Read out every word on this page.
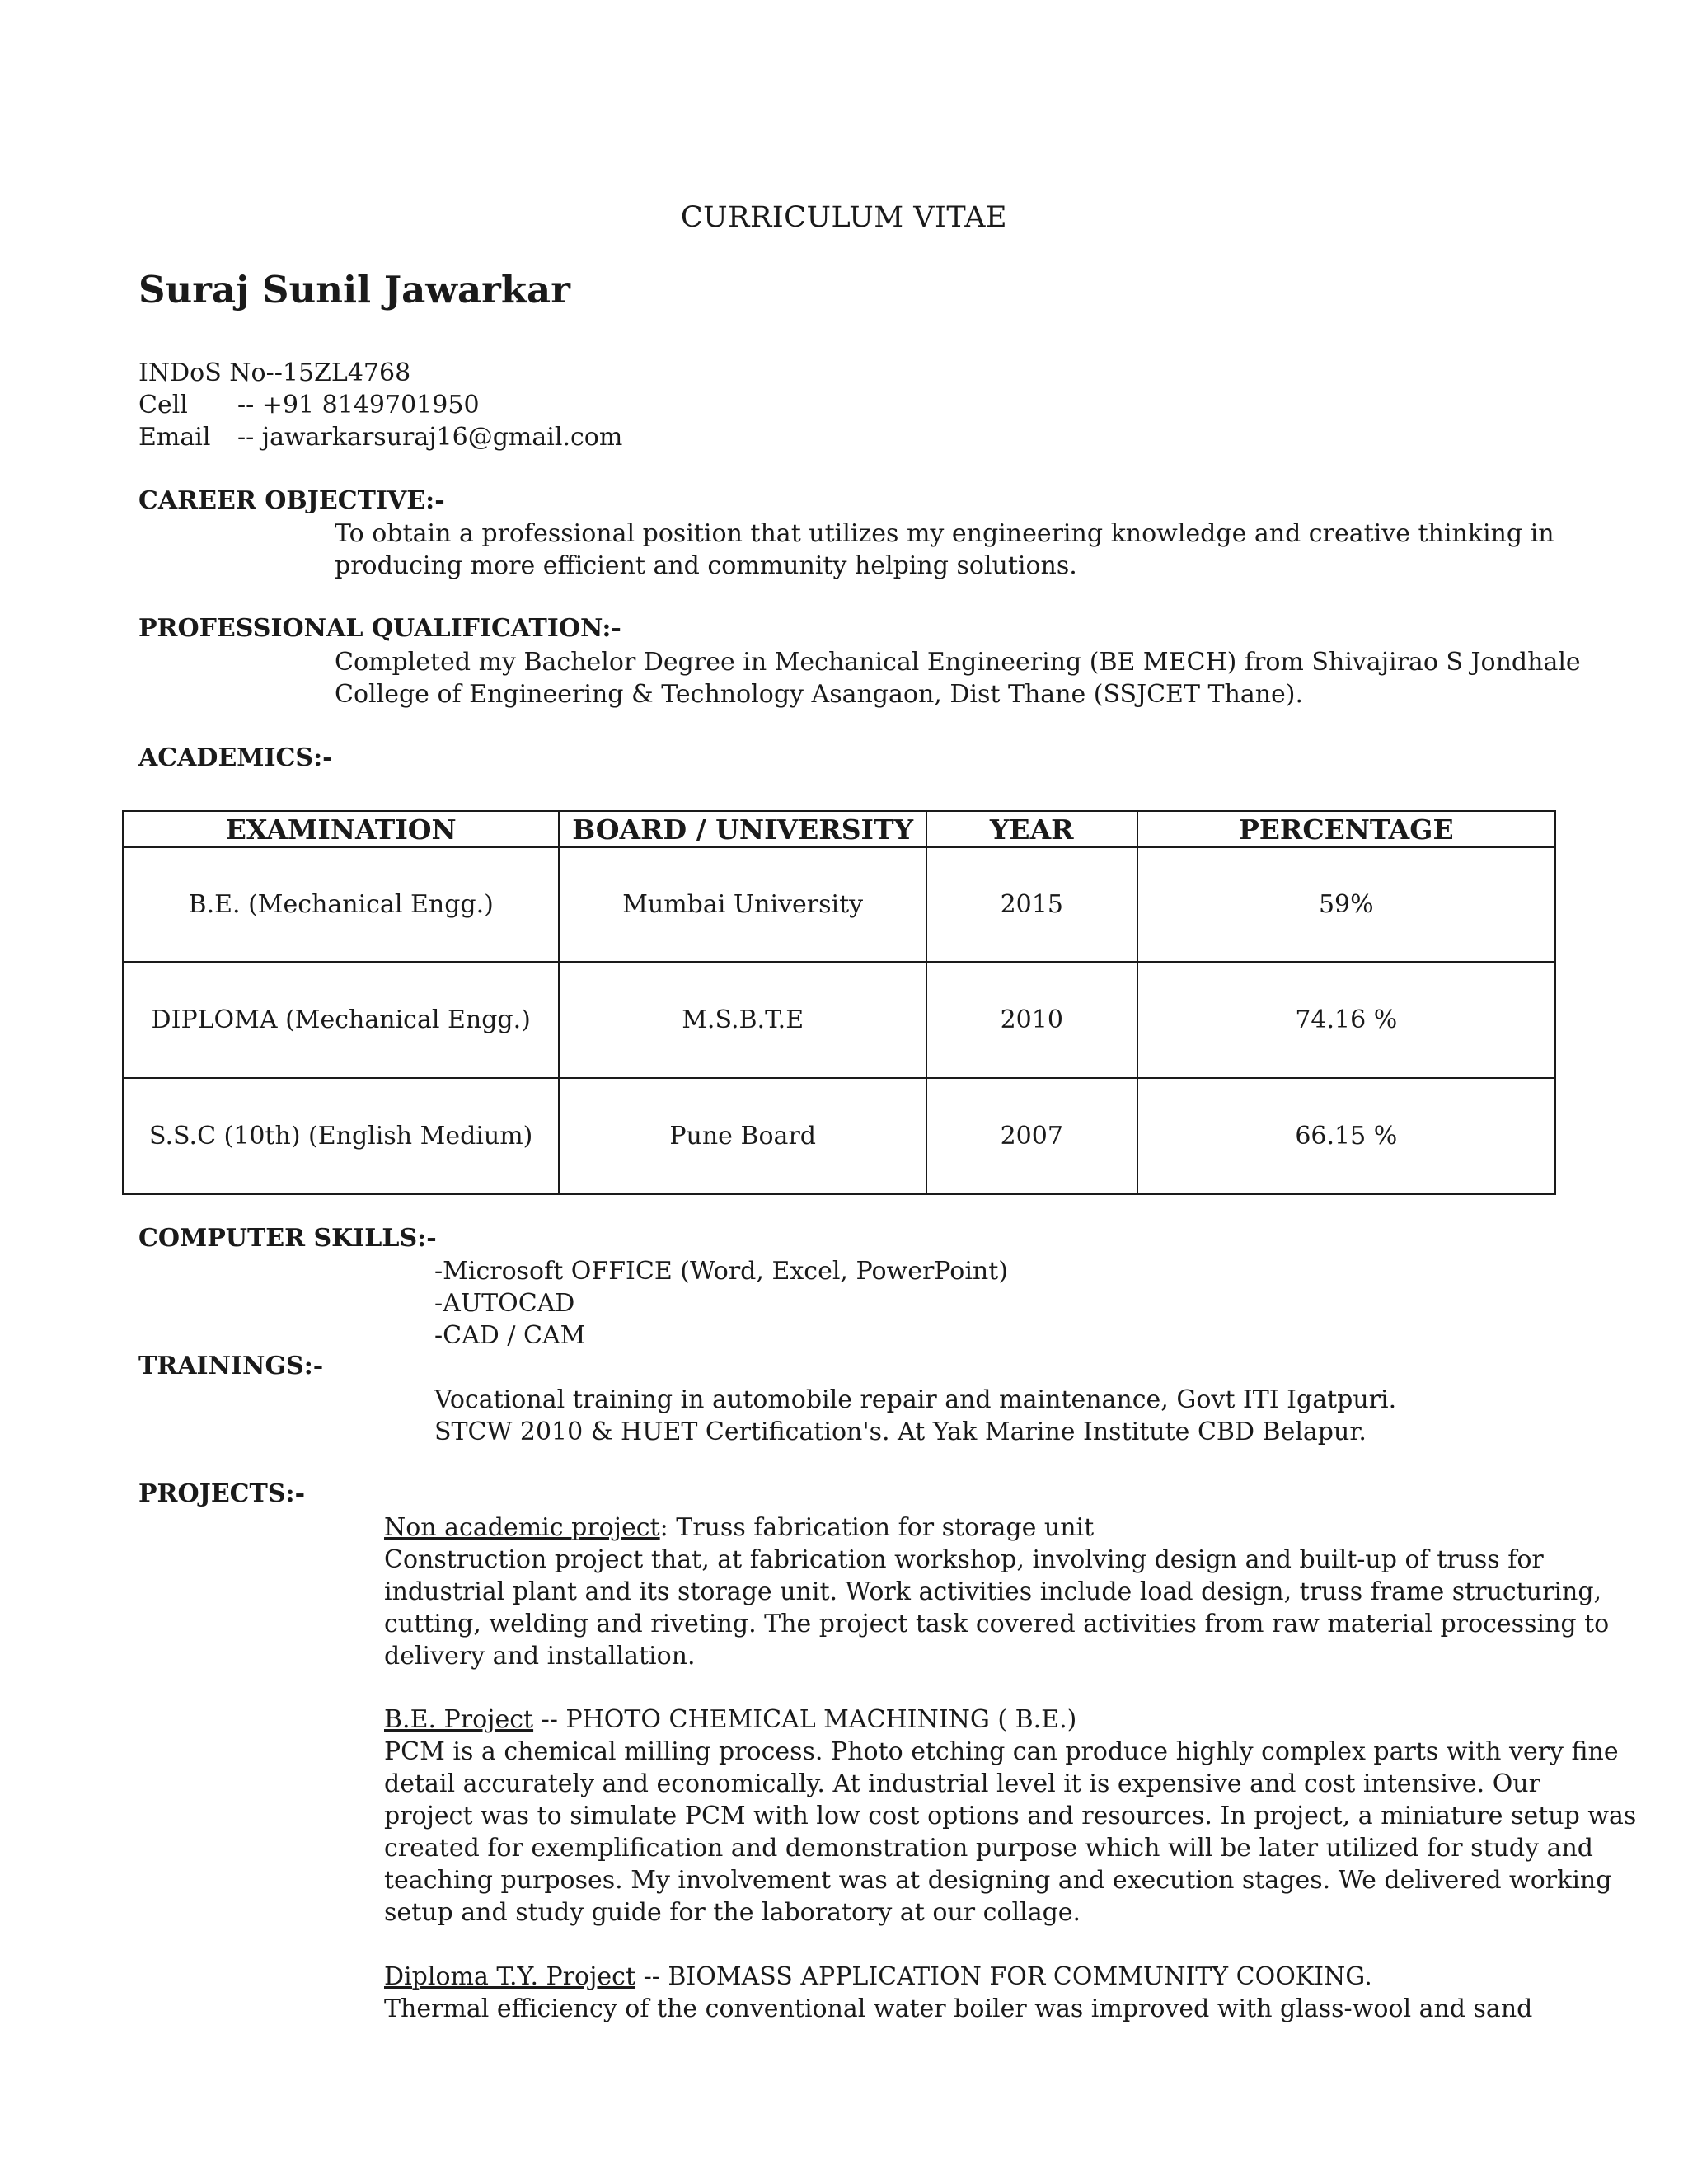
CURRICULUM VITAE
Suraj Sunil Jawarkar
INDoS No--15ZL4768
Cell -- +91 8149701950
Email -- jawarkarsuraj16@gmail.com
CAREER OBJECTIVE:-
To obtain a professional position that utilizes my engineering knowledge and creative thinking in
producing more efficient and community helping solutions.
PROFESSIONAL QUALIFICATION:-
Completed my Bachelor Degree in Mechanical Engineering (BE MECH) from Shivajirao S Jondhale
College of Engineering & Technology Asangaon, Dist Thane (SSJCET Thane).
ACADEMICS:-
EXAMINATION	BOARD / UNIVERSITY	YEAR	PERCENTAGE
B.E. (Mechanical Engg.)	Mumbai University	2015	59%
DIPLOMA (Mechanical Engg.)	M.S.B.T.E	2010	74.16 %
S.S.C (10th) (English Medium)	Pune Board	2007	66.15 %
COMPUTER SKILLS:-
-Microsoft OFFICE (Word, Excel, PowerPoint)
-AUTOCAD
-CAD / CAM
TRAININGS:-
Vocational training in automobile repair and maintenance, Govt ITI Igatpuri.
STCW 2010 & HUET Certification's. At Yak Marine Institute CBD Belapur.
PROJECTS:-
Non academic project: Truss fabrication for storage unit
Construction project that, at fabrication workshop, involving design and built-up of truss for
industrial plant and its storage unit. Work activities include load design, truss frame structuring,
cutting, welding and riveting. The project task covered activities from raw material processing to
delivery and installation.
B.E. Project -- PHOTO CHEMICAL MACHINING ( B.E.)
PCM is a chemical milling process. Photo etching can produce highly complex parts with very fine
detail accurately and economically. At industrial level it is expensive and cost intensive. Our
project was to simulate PCM with low cost options and resources. In project, a miniature setup was
created for exemplification and demonstration purpose which will be later utilized for study and
teaching purposes. My involvement was at designing and execution stages. We delivered working
setup and study guide for the laboratory at our collage.
Diploma T.Y. Project -- BIOMASS APPLICATION FOR COMMUNITY COOKING.
Thermal efficiency of the conventional water boiler was improved with glass-wool and sand
